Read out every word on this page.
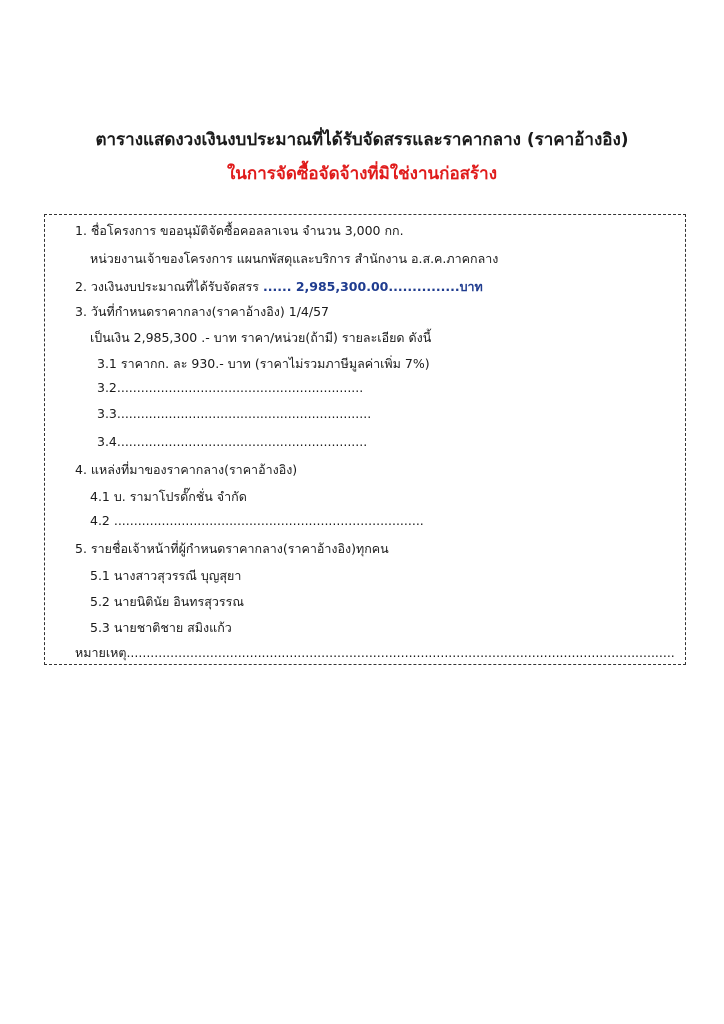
ตารางแสดงวงเงินงบประมาณที่ได้รับจัดสรรและราคากลาง (ราคาอ้างอิง)
ในการจัดซื้อจัดจ้างที่มิใช่งานก่อสร้าง
1. ชื่อโครงการ ขออนุมัติจัดซื้อคอลลาเจน จำนวน 3,000 กก.
หน่วยงานเจ้าของโครงการ แผนกพัสดุและบริการ สำนักงาน อ.ส.ค.ภาคกลาง
2. วงเงินงบประมาณที่ได้รับจัดสรร ...... 2,985,300.00...............บาท
3. วันที่กำหนดราคากลาง(ราคาอ้างอิง) 1/4/57
เป็นเงิน 2,985,300 .- บาท ราคา/หน่วย(ถ้ามี) รายละเอียด ดังนี้
3.1 ราคากก. ละ 930.- บาท (ราคาไม่รวมภาษีมูลค่าเพิ่ม 7%)
3.2..............................................................
3.3................................................................
3.4...............................................................
4. แหล่งที่มาของราคากลาง(ราคาอ้างอิง)
4.1 บ. รามาโปรดั๊กชั่น จำกัด
4.2 ..............................................................................
5. รายชื่อเจ้าหน้าที่ผู้กำหนดราคากลาง(ราคาอ้างอิง)ทุกคน
5.1 นางสาวสุวรรณี บุญสุยา
5.2 นายนิตินัย อินทรสุวรรณ
5.3 นายชาติชาย สมิงแก้ว
หมายเหตุ..........................................................................................................................................
